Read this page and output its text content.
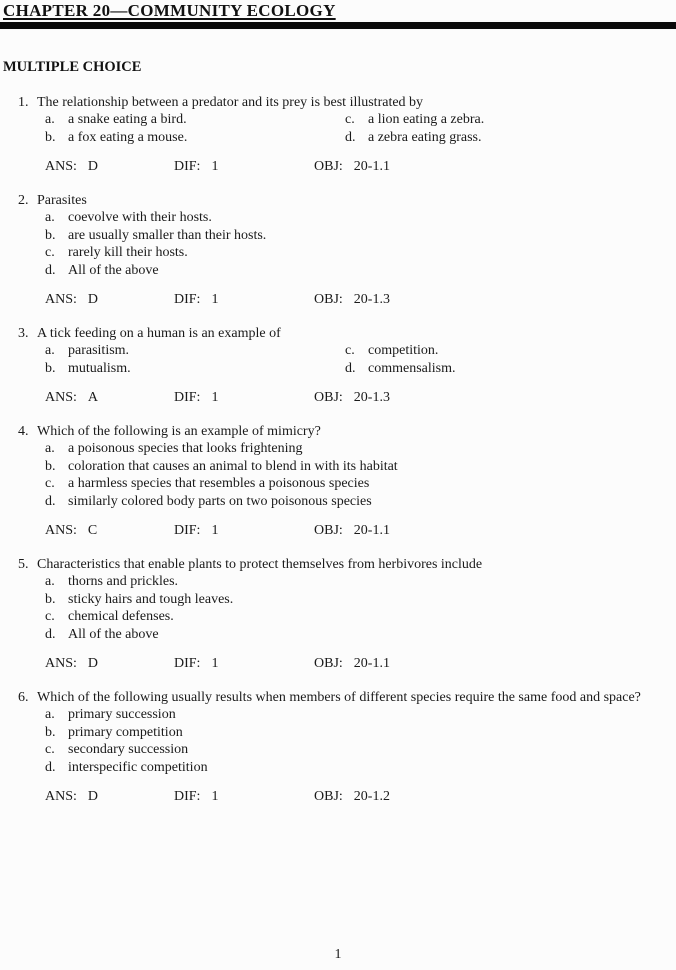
CHAPTER 20—COMMUNITY ECOLOGY
MULTIPLE CHOICE
1. The relationship between a predator and its prey is best illustrated by
a. a snake eating a bird.
b. a fox eating a mouse.
c. a lion eating a zebra.
d. a zebra eating grass.
ANS: D	DIF: 1	OBJ: 20-1.1
2. Parasites
a. coevolve with their hosts.
b. are usually smaller than their hosts.
c. rarely kill their hosts.
d. All of the above
ANS: D	DIF: 1	OBJ: 20-1.3
3. A tick feeding on a human is an example of
a. parasitism.
b. mutualism.
c. competition.
d. commensalism.
ANS: A	DIF: 1	OBJ: 20-1.3
4. Which of the following is an example of mimicry?
a. a poisonous species that looks frightening
b. coloration that causes an animal to blend in with its habitat
c. a harmless species that resembles a poisonous species
d. similarly colored body parts on two poisonous species
ANS: C	DIF: 1	OBJ: 20-1.1
5. Characteristics that enable plants to protect themselves from herbivores include
a. thorns and prickles.
b. sticky hairs and tough leaves.
c. chemical defenses.
d. All of the above
ANS: D	DIF: 1	OBJ: 20-1.1
6. Which of the following usually results when members of different species require the same food and space?
a. primary succession
b. primary competition
c. secondary succession
d. interspecific competition
ANS: D	DIF: 1	OBJ: 20-1.2
1
